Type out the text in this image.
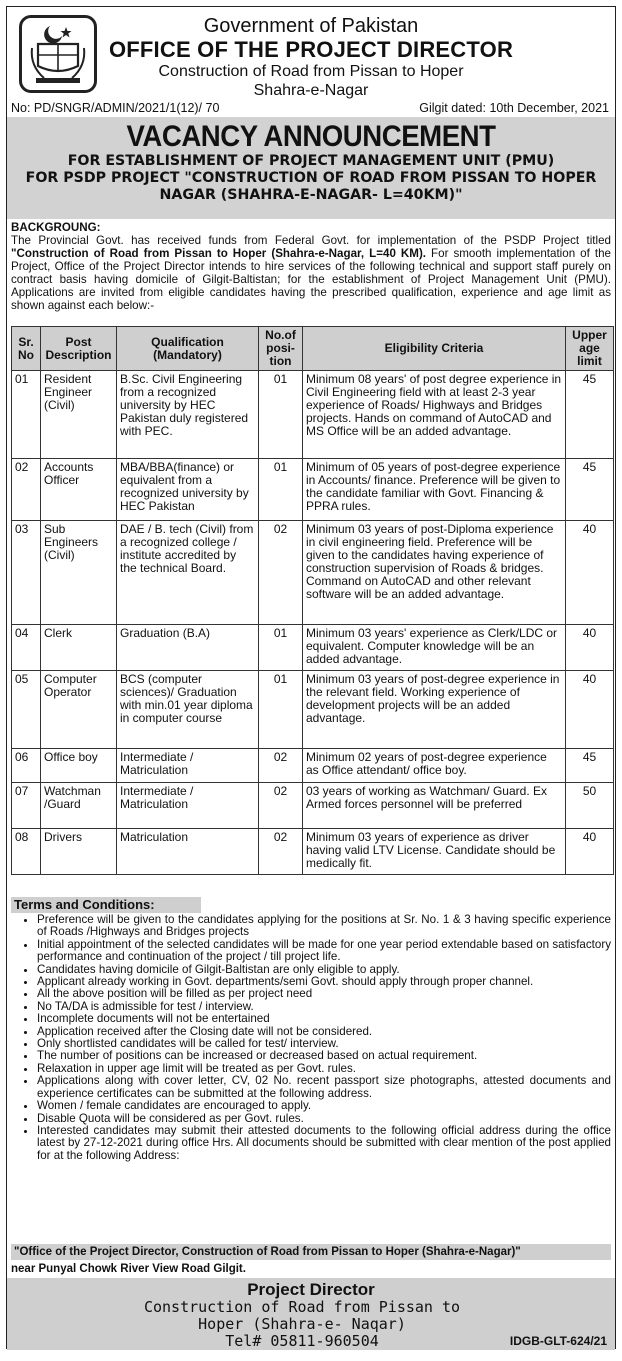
Government of Pakistan
OFFICE OF THE PROJECT DIRECTOR
Construction of Road from Pissan to Hoper
Shahra-e-Nagar
No: PD/SNGR/ADMIN/2021/1(12)/ 70	Gilgit dated: 10th December, 2021
VACANCY ANNOUNCEMENT
FOR ESTABLISHMENT OF PROJECT MANAGEMENT UNIT (PMU)
FOR PSDP PROJECT "CONSTRUCTION OF ROAD FROM PISSAN TO HOPER NAGAR (SHAHRA-E-NAGAR- L=40KM)"
BACKGROUNG:
The Provincial Govt. has received funds from Federal Govt. for implementation of the PSDP Project titled "Construction of Road from Pissan to Hoper (Shahra-e-Nagar, L=40 KM). For smooth implementation of the Project, Office of the Project Director intends to hire services of the following technical and support staff purely on contract basis having domicile of Gilgit-Baltistan; for the establishment of Project Management Unit (PMU). Applications are invited from eligible candidates having the prescribed qualification, experience and age limit as shown against each below:-
Sr. No	Post Description	Qualification (Mandatory)	No.of posi-tion	Eligibility Criteria	Upper age limit
01	Resident Engineer (Civil)	B.Sc. Civil Engineering from a recognized university by HEC Pakistan duly registered with PEC.	01	Minimum 08 years' of post degree experience in Civil Engineering field with at least 2-3 year experience of Roads/ Highways and Bridges projects. Hands on command of AutoCAD and MS Office will be an added advantage.	45
02	Accounts Officer	MBA/BBA(finance) or equivalent from a recognized university by HEC Pakistan	01	Minimum of 05 years of post-degree experience in Accounts/ finance. Preference will be given to the candidate familiar with Govt. Financing & PPRA rules.	45
03	Sub Engineers (Civil)	DAE / B. tech (Civil) from a recognized college / institute accredited by the technical Board.	02	Minimum 03 years of post-Diploma experience in civil engineering field. Preference will be given to the candidates having experience of construction supervision of Roads & bridges. Command on AutoCAD and other relevant software will be an added advantage.	40
04	Clerk	Graduation (B.A)	01	Minimum 03 years' experience as Clerk/LDC or equivalent. Computer knowledge will be an added advantage.	40
05	Computer Operator	BCS (computer sciences)/ Graduation with min.01 year diploma in computer course	01	Minimum 03 years of post-degree experience in the relevant field. Working experience of development projects will be an added advantage.	40
06	Office boy	Intermediate / Matriculation	02	Minimum 02 years of post-degree experience as Office attendant/ office boy.	45
07	Watchman /Guard	Intermediate / Matriculation	02	03 years of working as Watchman/ Guard. Ex Armed forces personnel will be preferred	50
08	Drivers	Matriculation	02	Minimum 03 years of experience as driver having valid LTV License. Candidate should be medically fit.	40
Terms and Conditions:
• Preference will be given to the candidates applying for the positions at Sr. No. 1 & 3 having specific experience of Roads /Highways and Bridges projects
• Initial appointment of the selected candidates will be made for one year period extendable based on satisfactory performance and continuation of the project / till project life.
• Candidates having domicile of Gilgit-Baltistan are only eligible to apply.
• Applicant already working in Govt. departments/semi Govt. should apply through proper channel.
• All the above position will be filled as per project need
• No TA/DA is admissible for test / interview.
• Incomplete documents will not be entertained
• Application received after the Closing date will not be considered.
• Only shortlisted candidates will be called for test/ interview.
• The number of positions can be increased or decreased based on actual requirement.
• Relaxation in upper age limit will be treated as per Govt. rules.
• Applications along with cover letter, CV, 02 No. recent passport size photographs, attested documents and experience certificates can be submitted at the following address.
• Women / female candidates are encouraged to apply.
• Disable Quota will be considered as per Govt. rules.
• Interested candidates may submit their attested documents to the following official address during the office latest by 27-12-2021 during office Hrs. All documents should be submitted with clear mention of the post applied for at the following Address:
"Office of the Project Director, Construction of Road from Pissan to Hoper (Shahra-e-Nagar)"
near Punyal Chowk River View Road Gilgit.
Project Director
Construction of Road from Pissan to
Hoper (Shahra-e- Naqar)
Tel# 05811-960504	IDGB-GLT-624/21
